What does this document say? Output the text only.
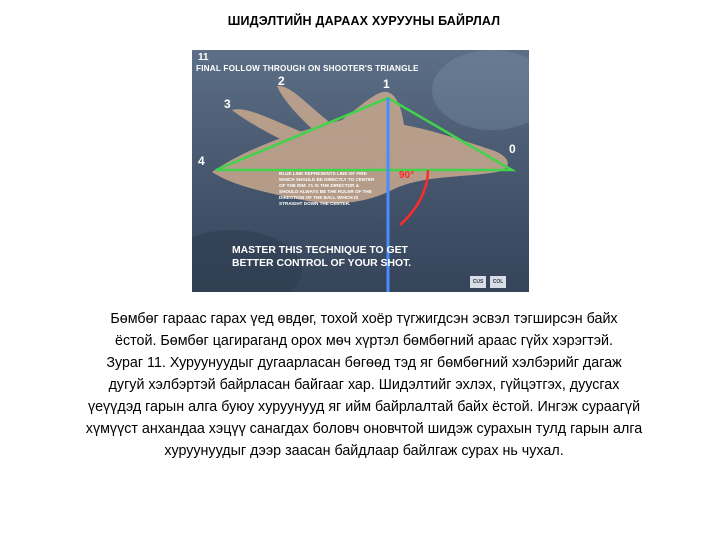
ШИДЭЛТИЙН ДАРААХ ХУРУУНЫ БАЙРЛАЛ
11
FINAL FOLLOW THROUGH ON SHOOTER'S TRIANGLE
1
2
3
4
0
90°
BLUE LINE REPRESENTS LINE OF FIRE WHICH SHOULD BE DIRECTLY TO CENTER OF THE RIM. #1 IS THE DIRECTOR & SHOULD ALWAYS BE THE RULER OF THE DIRECTION OF THE BALL WHICH IS STRAIGHT DOWN THE CENTER.
MASTER THIS TECHNIQUE TO GET
BETTER CONTROL OF YOUR SHOT.
CUS	COL

Бөмбөг гараас гарах үед өвдөг, тохой хоёр түгжигдсэн эсвэл тэгширсэн байх

ёстой. Бөмбөг цагираганд орох мөч хүртэл бөмбөгний араас гүйх хэрэгтэй.

Зураг 11. Хуруунуудыг дугаарласан бөгөөд тэд яг бөмбөгний хэлбэрийг дагаж

дугуй хэлбэртэй байрласан байгааг хар. Шидэлтийг эхлэх, гүйцэтгэх, дуусгах

үеүүдэд гарын алга буюу хуруунууд яг ийм байрлалтай байх ёстой. Ингэж сураагүй

хүмүүст анхандаа хэцүү санагдах боловч оновчтой шидэж сурахын тулд гарын алга

хуруунуудыг дээр заасан байдлаар байлгаж сурах нь чухал.
